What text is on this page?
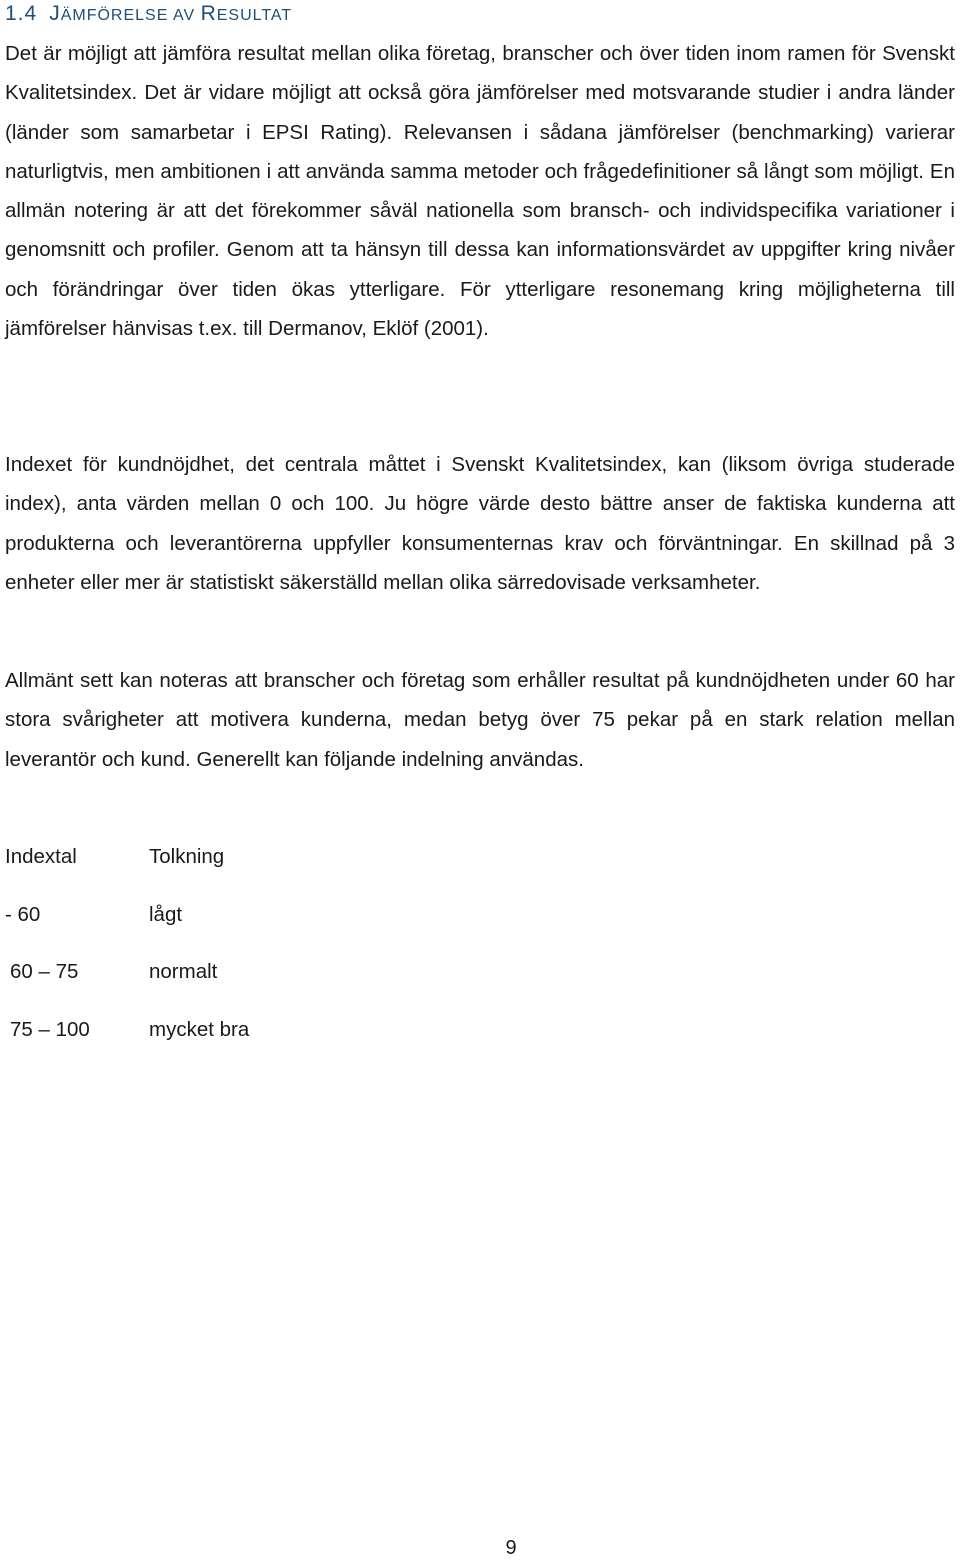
1.4 JÄMFÖRELSE AV RESULTAT

Det är möjligt att jämföra resultat mellan olika företag, branscher och över tiden inom ramen för Svenskt Kvalitetsindex. Det är vidare möjligt att också göra jämförelser med motsvarande studier i andra länder (länder som samarbetar i EPSI Rating). Relevansen i sådana jämförelser (benchmarking) varierar naturligtvis, men ambitionen i att använda samma metoder och frågedefinitioner så långt som möjligt. En allmän notering är att det förekommer såväl nationella som bransch- och individspecifika variationer i genomsnitt och profiler. Genom att ta hänsyn till dessa kan informationsvärdet av uppgifter kring nivåer och förändringar över tiden ökas ytterligare. För ytterligare resonemang kring möjligheterna till jämförelser hänvisas t.ex. till Dermanov, Eklöf (2001).

Indexet för kundnöjdhet, det centrala måttet i Svenskt Kvalitetsindex, kan (liksom övriga studerade index), anta värden mellan 0 och 100. Ju högre värde desto bättre anser de faktiska kunderna att produkterna och leverantörerna uppfyller konsumenternas krav och förväntningar. En skillnad på 3 enheter eller mer är statistiskt säkerställd mellan olika särredovisade verksamheter.

Allmänt sett kan noteras att branscher och företag som erhåller resultat på kundnöjdheten under 60 har stora svårigheter att motivera kunderna, medan betyg över 75 pekar på en stark relation mellan leverantör och kund. Generellt kan följande indelning användas.

Indextal	Tolkning
- 60	lågt
60 – 75	normalt
75 – 100	mycket bra
9
